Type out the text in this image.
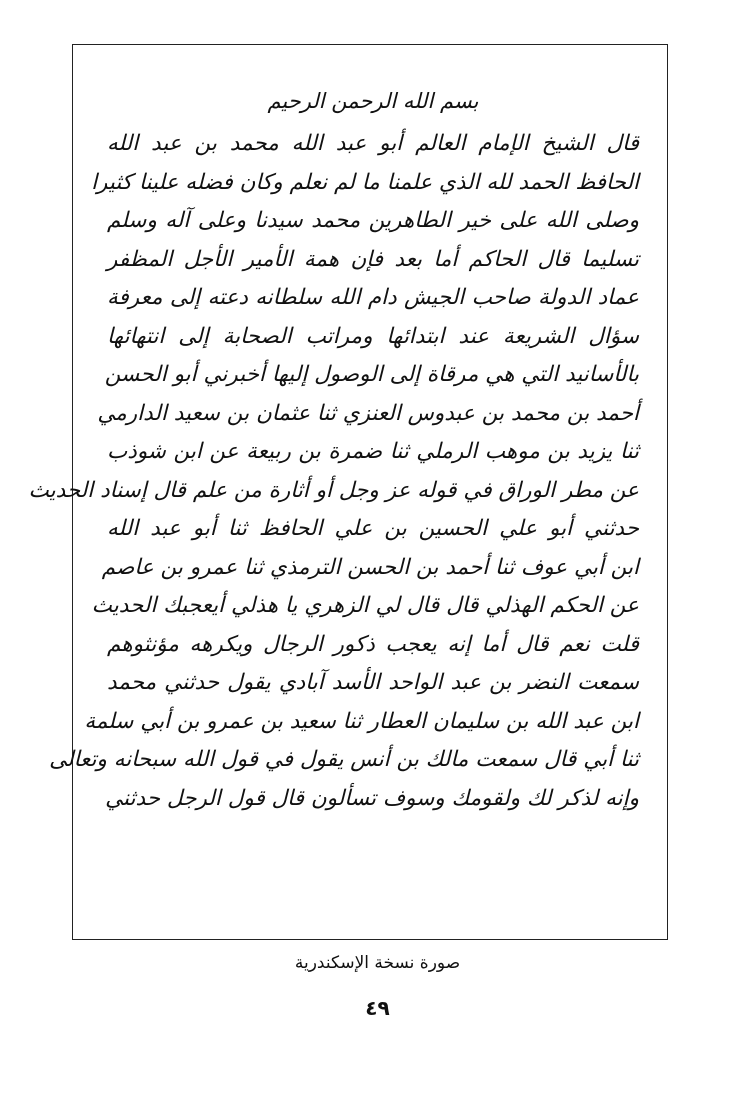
بسم الله الرحمن الرحيم
قال الشيخ الإمام العالم أبو عبد الله محمد بن عبد الله
الحافظ الحمد لله الذي علمنا ما لم نعلم وكان فضله علينا كثيرا
وصلى الله على خير الطاهرين محمد سيدنا وعلى آله وسلم
تسليما قال الحاكم أما بعد فإن همة الأمير الأجل المظفر
عماد الدولة صاحب الجيش دام الله سلطانه دعته إلى معرفة
سؤال الشريعة عند ابتدائها ومراتب الصحابة إلى انتهائها
بالأسانيد التي هي مرقاة إلى الوصول إليها أخبرني أبو الحسن
أحمد بن محمد بن عبدوس العنزي ثنا عثمان بن سعيد الدارمي
ثنا يزيد بن موهب الرملي ثنا ضمرة بن ربيعة عن ابن شوذب
عن مطر الوراق في قوله عز وجل أو أثارة من علم قال إسناد الحديث
حدثني أبو علي الحسين بن علي الحافظ ثنا أبو عبد الله
ابن أبي عوف ثنا أحمد بن الحسن الترمذي ثنا عمرو بن عاصم
عن الحكم الهذلي قال قال لي الزهري يا هذلي أيعجبك الحديث
قلت نعم قال أما إنه يعجب ذكور الرجال ويكرهه مؤنثوهم
سمعت النضر بن عبد الواحد الأسد آبادي يقول حدثني محمد
ابن عبد الله بن سليمان العطار ثنا سعيد بن عمرو بن أبي سلمة
ثنا أبي قال سمعت مالك بن أنس يقول في قول الله سبحانه وتعالى
وإنه لذكر لك ولقومك وسوف تسألون قال قول الرجل حدثني
صورة نسخة الإسكندرية
٤٩
